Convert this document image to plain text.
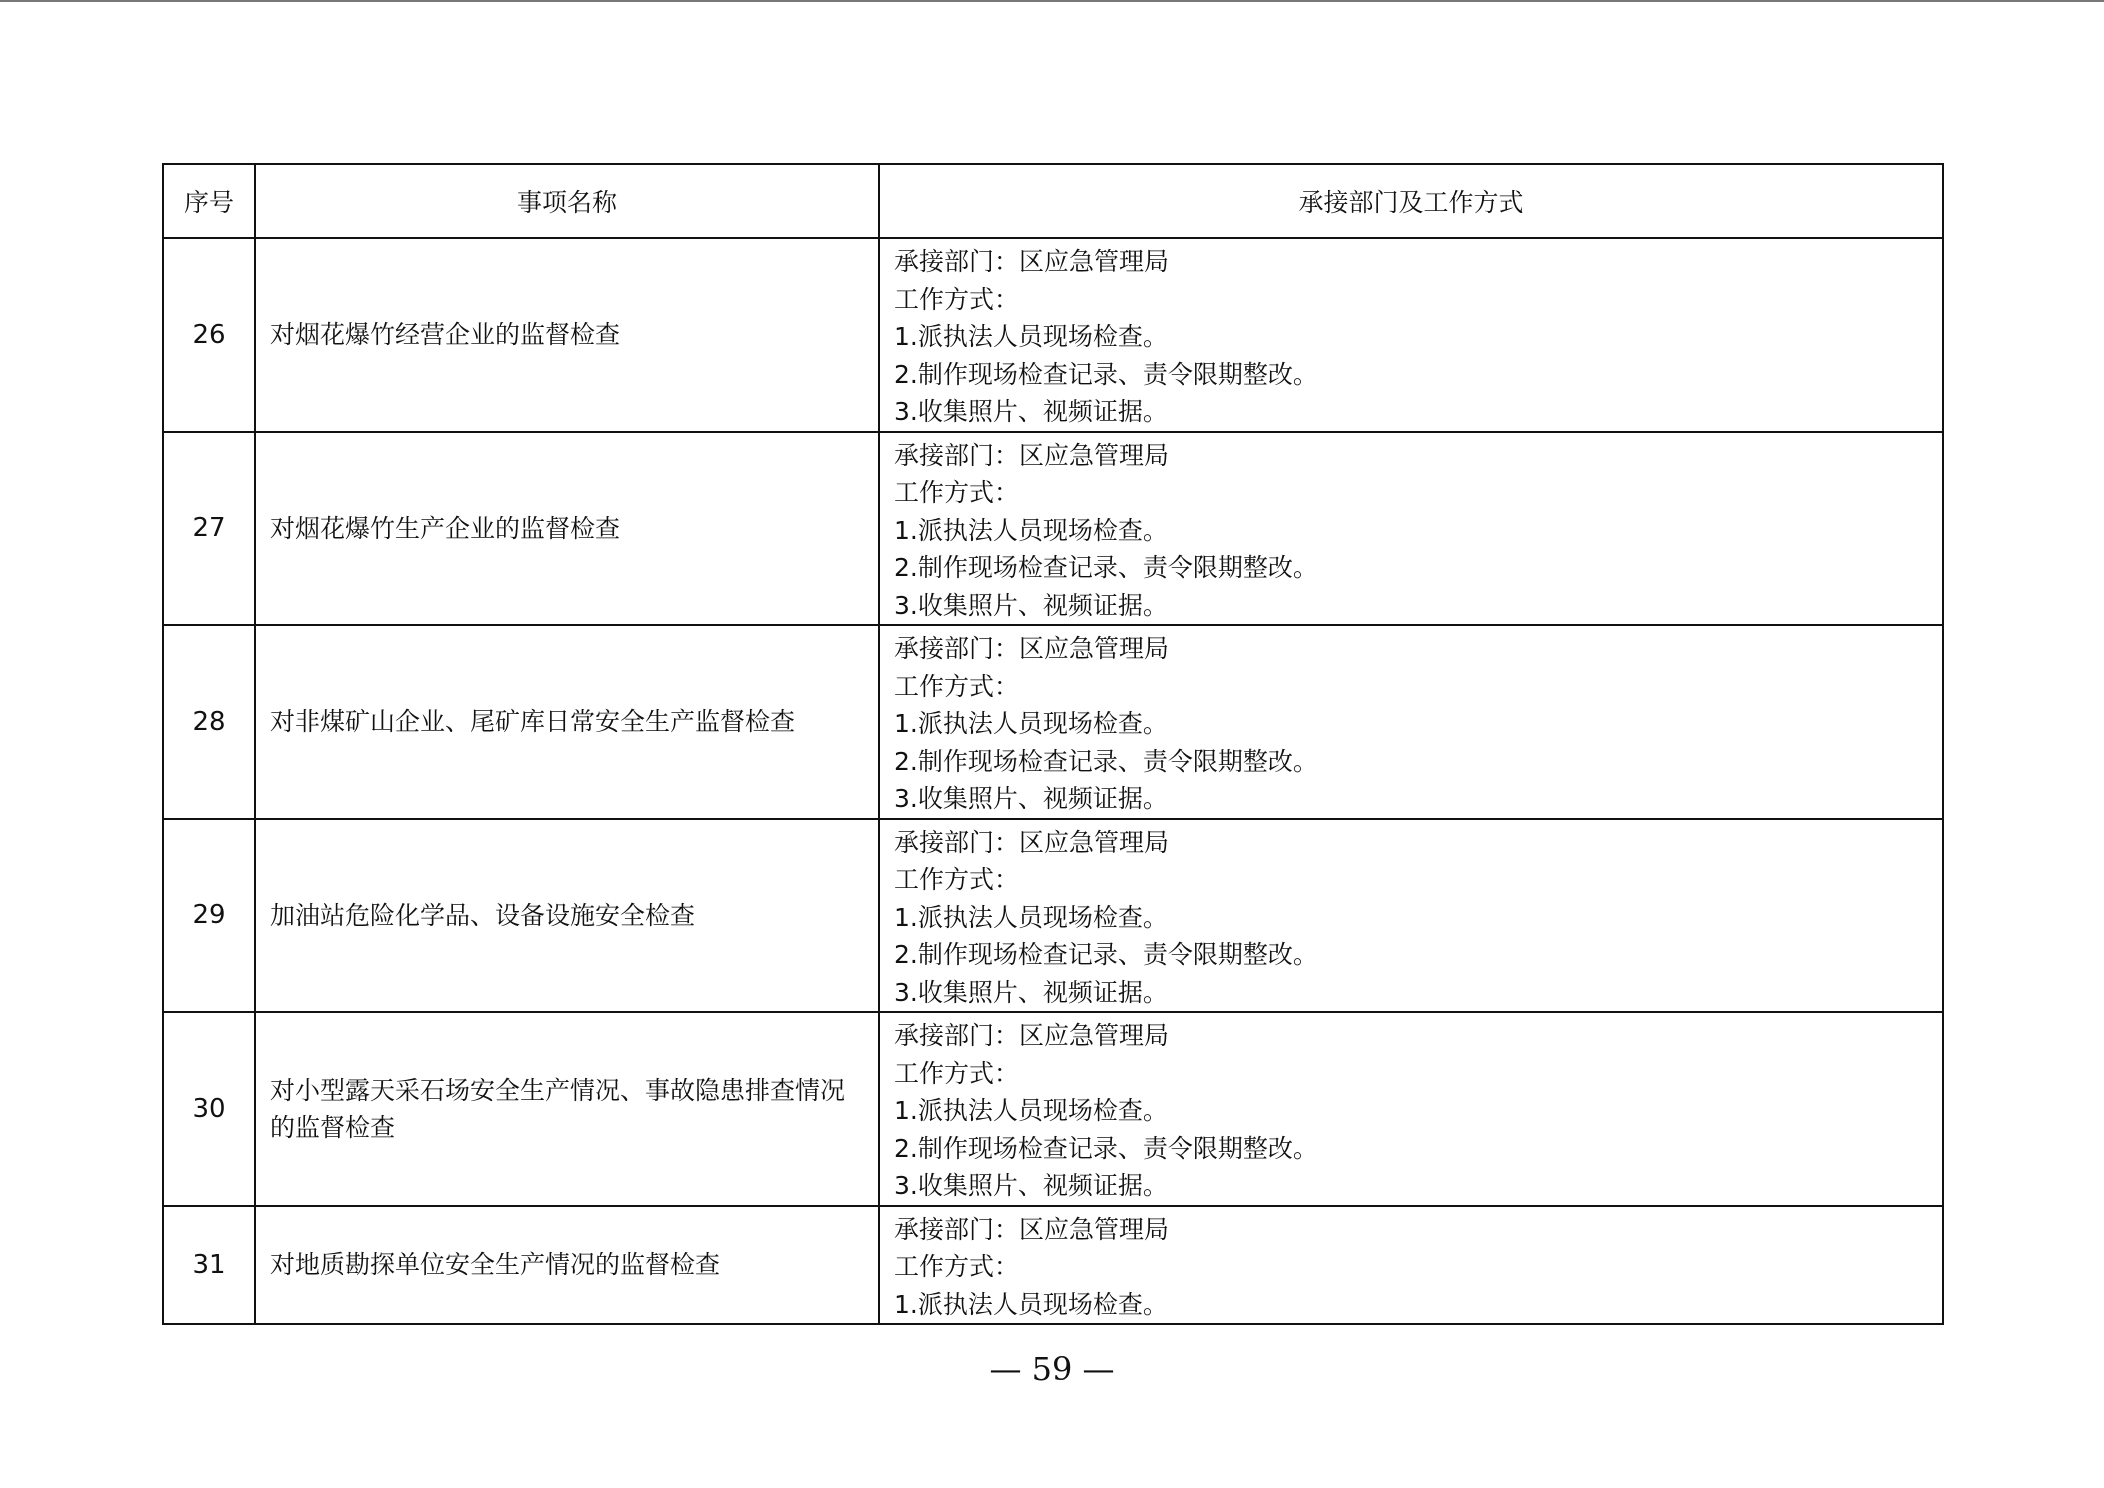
序号	事项名称	承接部门及工作方式
26	对烟花爆竹经营企业的监督检查	承接部门：区应急管理局
工作方式：
1.派执法人员现场检查。
2.制作现场检查记录、责令限期整改。
3.收集照片、视频证据。

27	对烟花爆竹生产企业的监督检查	承接部门：区应急管理局
工作方式：
1.派执法人员现场检查。
2.制作现场检查记录、责令限期整改。
3.收集照片、视频证据。

28	对非煤矿山企业、尾矿库日常安全生产监督检查	承接部门：区应急管理局
工作方式：
1.派执法人员现场检查。
2.制作现场检查记录、责令限期整改。
3.收集照片、视频证据。

29	加油站危险化学品、设备设施安全检查	承接部门：区应急管理局
工作方式：
1.派执法人员现场检查。
2.制作现场检查记录、责令限期整改。
3.收集照片、视频证据。

30	对小型露天采石场安全生产情况、事故隐患排查情况的监督检查	承接部门：区应急管理局
工作方式：
1.派执法人员现场检查。
2.制作现场检查记录、责令限期整改。
3.收集照片、视频证据。

31	对地质勘探单位安全生产情况的监督检查	承接部门：区应急管理局
工作方式：
1.派执法人员现场检查。
— 59 —
